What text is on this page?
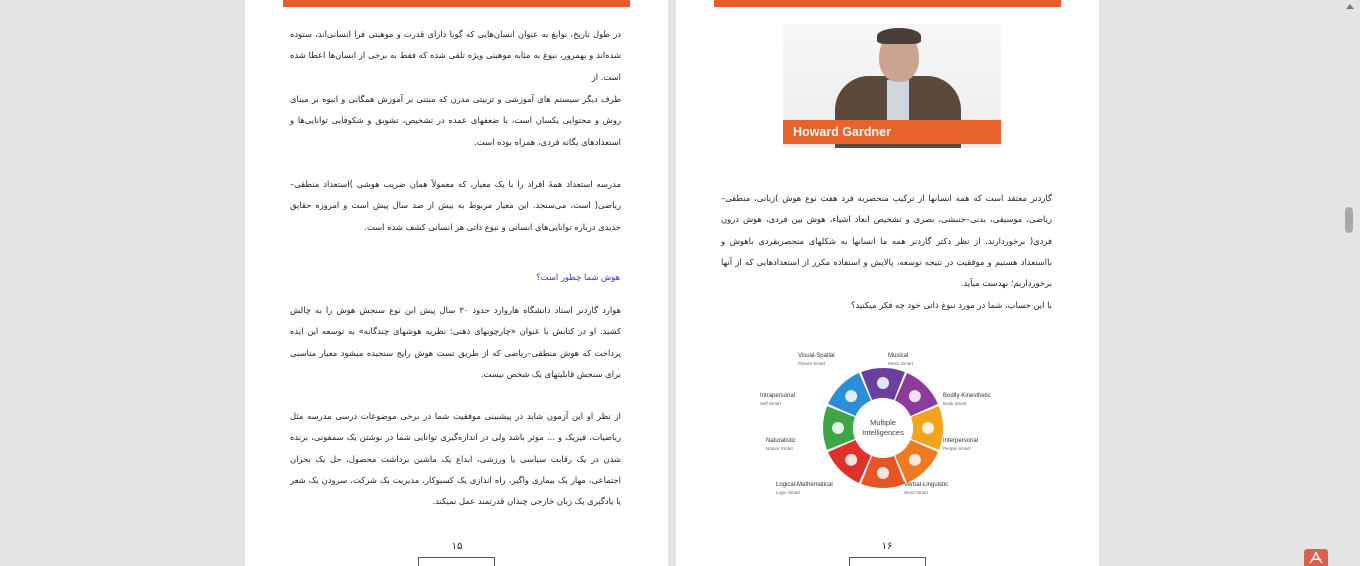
در طول تاریخ، نوابغ به عنوان انسان‌هایی که گویا دارای قدرت و موهبتی فرا انسانی‌اند، ستوده شده‌اند و بهمرور، نبوغ به مثابه موهبتی ویژه تلقی شده که فقط به برخی از انسان‌ها اعطا شده است. از
طرف دیگر سیستم های آموزشی و تربیتی مدرن که مبتنی بر آموزش همگانی و انبوه بر مبنای روش و محتوایی یکسان است، با ضعفهای عمده در تشخیص، تشویق و شکوفایی توانایی‌ها و استعدادهای یگانه فردی، همراه بوده است.
مدرسه استعداد همهٔ افراد را با یک معیار، که معمولاً همان ضریب هوشی )استعداد منطقی–ریاضی( است، می‌سنجد. این معیار مربوط به بیش از صد سال پیش است و امروزه حقایق جدیدی درباره توانایی‌های انسانی و نبوغ ذاتی هر انسانی کشف شده است.
هوش شما چطور است؟
هوارد گاردنر استاد دانشگاه هاروارد حدود ۳۰ سال پیش این نوع سنجش هوش را به چالش کشید. او در کتابش با عنوان «چارچوبهای ذهنی: نظریه هوشهای چندگانه» به توسعه این ایده پرداخت که هوش منطقی–ریاضی که از طریق تست هوش رایج سنجیده میشود معیار مناسبی برای سنجش قابلیتهای یک شخص نیست.
از نظر او این آزمون شاید در پیشبینی موفقیت شما در برخی موضوعات درسی مدرسه مثل ریاضیات، فیزیک و ... موثر باشد ولی در اندازه‌گیری توانایی شما در نوشتن یک سمفونی، برنده شدن در یک رقابت سیاسی یا ورزشی، ابداع یک ماشین برداشت محصول، حل یک بحران اجتماعی، مهار یک بیماری واگیر، راه اندازی یک کسبوکار، مدیریت یک شرکت، سرودن یک شعر یا یادگیری یک زبان خارجی چندان قدرتمند عمل نمیکند.
۱۵
Howard Gardner
گاردنر معتقد است که همه انسانها از ترکیب منحصربه فرد هفت نوع هوش )زبانی، منطقی–ریاضی، موسیقی، بدنی–جنبشی، بصری و تشخیص ابعاد اشیاء، هوش بین فردی، هوش درون فردی( برخوردارند. از نظر دکتر گاردنر همه ما انسانها به شکلهای منحصربفردی باهوش و بااستعداد هستیم و موفقیت در نتیجه توسعه، پالایش و استفاده مکرر از استعدادهایی که از آنها برخورداریم؛ بهدست میآید.
با این حساب، شما در مورد نبوغ ذاتی خود چه فکر میکنید؟
Multiple
Intelligences
Visual-Spatial
Picture Smart
Musical
Music Smart
Bodily-Kinesthetic
Body Smart
Interpersonal
People Smart
Verbal-Linguistic
Word Smart
Logical-Mathematical
Logic Smart
Naturalistic
Nature Smart
Intrapersonal
Self Smart
۱۶
